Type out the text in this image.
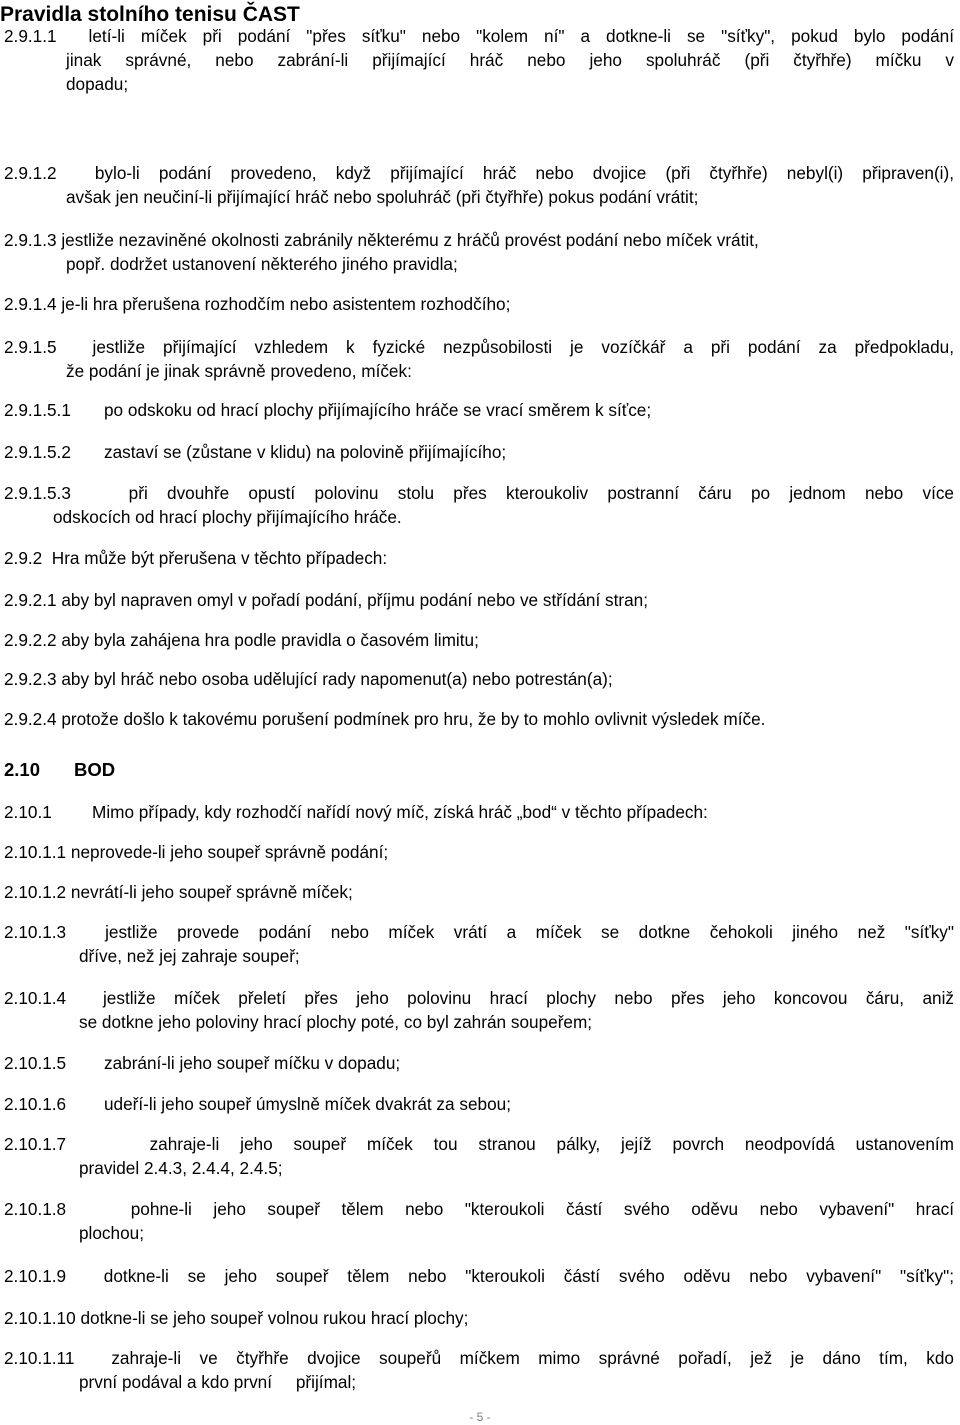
Pravidla stolního tenisu ČAST
2.9.1.1 letí-li míček při podání "přes síťku" nebo "kolem ní" a dotkne-li se "síťky", pokud bylo podání
jinak správné, nebo zabrání-li přijímající hráč nebo jeho spoluhráč (při čtyřhře) míčku v
dopadu;
2.9.1.2 bylo-li podání provedeno, když přijímající hráč nebo dvojice (při čtyřhře) nebyl(i) připraven(i),
avšak jen neučiní-li přijímající hráč nebo spoluhráč (při čtyřhře) pokus podání vrátit;
2.9.1.3 jestliže nezaviněné okolnosti zabránily některému z hráčů provést podání nebo míček vrátit,
popř. dodržet ustanovení některého jiného pravidla;
2.9.1.4 je-li hra přerušena rozhodčím nebo asistentem rozhodčího;
2.9.1.5 jestliže přijímající vzhledem k fyzické nezpůsobilosti je vozíčkář a při podání za předpokladu,
že podání je jinak správně provedeno, míček:
2.9.1.5.1 po odskoku od hrací plochy přijímajícího hráče se vrací směrem k síťce;
2.9.1.5.2 zastaví se (zůstane v klidu) na polovině přijímajícího;
2.9.1.5.3	při dvouhře opustí polovinu stolu přes kteroukoliv postranní čáru po jednom nebo více
odskocích od hrací plochy přijímajícího hráče.
2.9.2 Hra může být přerušena v těchto případech:
2.9.2.1 aby byl napraven omyl v pořadí podání, příjmu podání nebo ve střídání stran;
2.9.2.2 aby byla zahájena hra podle pravidla o časovém limitu;
2.9.2.3 aby byl hráč nebo osoba udělující rady napomenut(a) nebo potrestán(a);
2.9.2.4 protože došlo k takovému porušení podmínek pro hru, že by to mohlo ovlivnit výsledek míče.
2.10 BOD
2.10.1 Mimo případy, kdy rozhodčí nařídí nový míč, získá hráč „bod“ v těchto případech:
2.10.1.1 neprovede-li jeho soupeř správně podání;
2.10.1.2 nevrátí-li jeho soupeř správně míček;
2.10.1.3 jestliže provede podání nebo míček vrátí a míček se dotkne čehokoli jiného než "síťky"
dříve, než jej zahraje soupeř;
2.10.1.4 jestliže míček přeletí přes jeho polovinu hrací plochy nebo přes jeho koncovou čáru, aniž
se dotkne jeho poloviny hrací plochy poté, co byl zahrán soupeřem;
2.10.1.5 zabrání-li jeho soupeř míčku v dopadu;
2.10.1.6 udeří-li jeho soupeř úmyslně míček dvakrát za sebou;
2.10.1.7	zahraje-li jeho soupeř míček tou stranou pálky, jejíž povrch neodpovídá ustanovením
pravidel 2.4.3, 2.4.4, 2.4.5;
2.10.1.8	pohne-li jeho soupeř tělem nebo "kteroukoli částí svého oděvu nebo vybavení" hrací
plochou;
2.10.1.9 dotkne-li se jeho soupeř tělem nebo "kteroukoli částí svého oděvu nebo vybavení" "síťky";
2.10.1.10 dotkne-li se jeho soupeř volnou rukou hrací plochy;
2.10.1.11 zahraje-li ve čtyřhře dvojice soupeřů míčkem mimo správné pořadí, jež je dáno tím, kdo
první podával a kdo první     přijímal;
- 5 -
